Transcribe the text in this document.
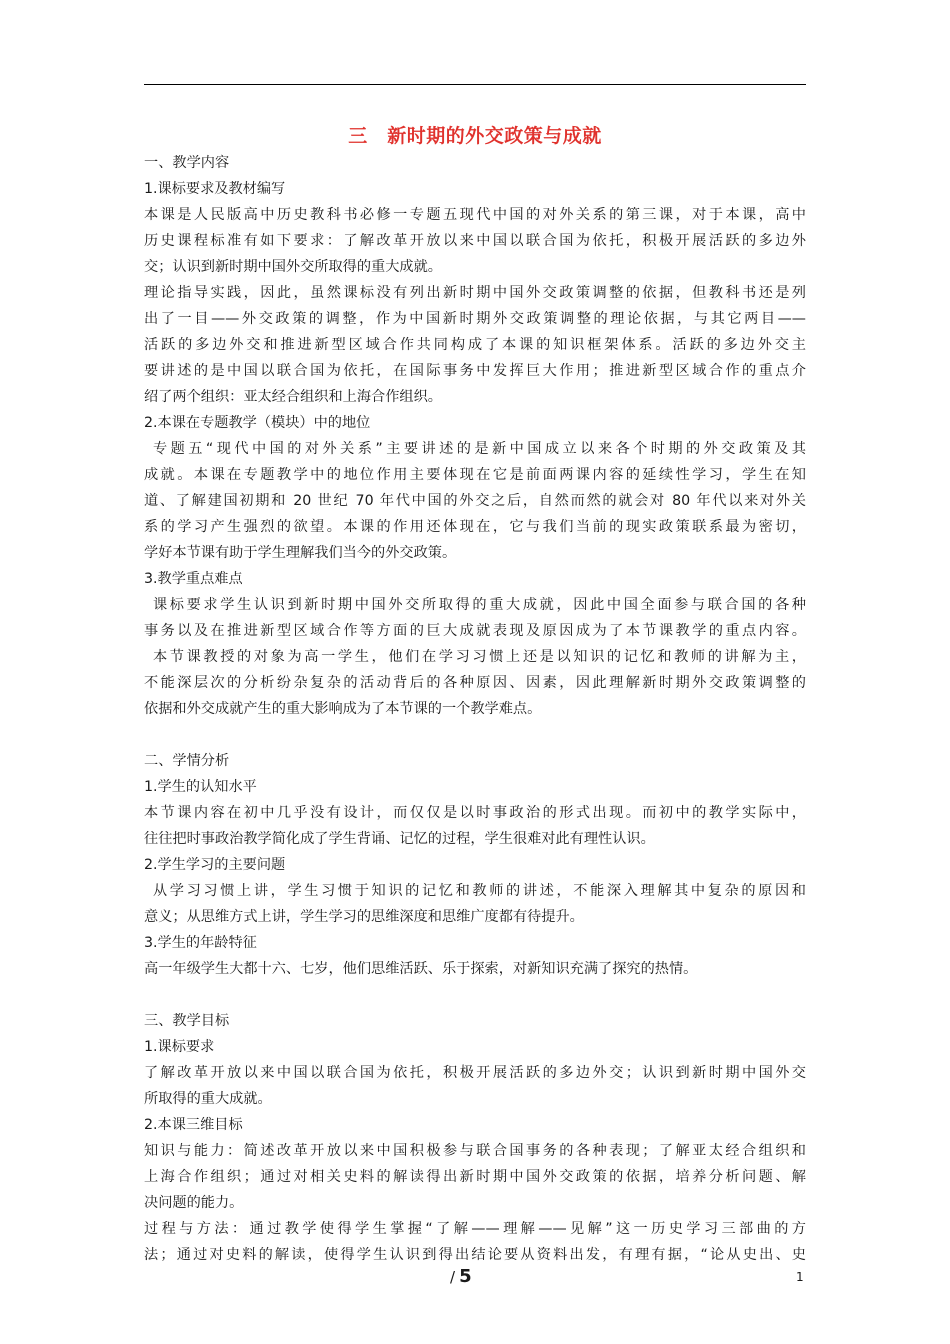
三　新时期的外交政策与成就
一、教学内容
1.课标要求及教材编写
本课是人民版高中历史教科书必修一专题五现代中国的对外关系的第三课，对于本课，高中
历史课程标准有如下要求：了解改革开放以来中国以联合国为依托，积极开展活跃的多边外
交；认识到新时期中国外交所取得的重大成就。
理论指导实践，因此，虽然课标没有列出新时期中国外交政策调整的依据，但教科书还是列
出了一目——外交政策的调整，作为中国新时期外交政策调整的理论依据，与其它两目——
活跃的多边外交和推进新型区域合作共同构成了本课的知识框架体系。活跃的多边外交主
要讲述的是中国以联合国为依托，在国际事务中发挥巨大作用；推进新型区域合作的重点介
绍了两个组织：亚太经合组织和上海合作组织。
2.本课在专题教学（模块）中的地位
专题五“现代中国的对外关系”主要讲述的是新中国成立以来各个时期的外交政策及其
成就。本课在专题教学中的地位作用主要体现在它是前面两课内容的延续性学习，学生在知
道、了解建国初期和 20 世纪 70 年代中国的外交之后，自然而然的就会对 80 年代以来对外关
系的学习产生强烈的欲望。本课的作用还体现在，它与我们当前的现实政策联系最为密切，
学好本节课有助于学生理解我们当今的外交政策。
3.教学重点难点
课标要求学生认识到新时期中国外交所取得的重大成就，因此中国全面参与联合国的各种
事务以及在推进新型区域合作等方面的巨大成就表现及原因成为了本节课教学的重点内容。
本节课教授的对象为高一学生，他们在学习习惯上还是以知识的记忆和教师的讲解为主，
不能深层次的分析纷杂复杂的活动背后的各种原因、因素，因此理解新时期外交政策调整的
依据和外交成就产生的重大影响成为了本节课的一个教学难点。
二、学情分析
1.学生的认知水平
本节课内容在初中几乎没有设计，而仅仅是以时事政治的形式出现。而初中的教学实际中，
往往把时事政治教学简化成了学生背诵、记忆的过程，学生很难对此有理性认识。
2.学生学习的主要问题
从学习习惯上讲，学生习惯于知识的记忆和教师的讲述，不能深入理解其中复杂的原因和
意义；从思维方式上讲，学生学习的思维深度和思维广度都有待提升。
3.学生的年龄特征
高一年级学生大都十六、七岁，他们思维活跃、乐于探索，对新知识充满了探究的热情。
三、教学目标
1.课标要求
了解改革开放以来中国以联合国为依托，积极开展活跃的多边外交；认识到新时期中国外交
所取得的重大成就。
2.本课三维目标
知识与能力：简述改革开放以来中国积极参与联合国事务的各种表现；了解亚太经合组织和
上海合作组织；通过对相关史料的解读得出新时期中国外交政策的依据，培养分析问题、解
决问题的能力。
过程与方法：通过教学使得学生掌握“了解——理解——见解”这一历史学习三部曲的方
法；通过对史料的解读，使得学生认识到得出结论要从资料出发，有理有据，“论从史出、史
/ 5	1
